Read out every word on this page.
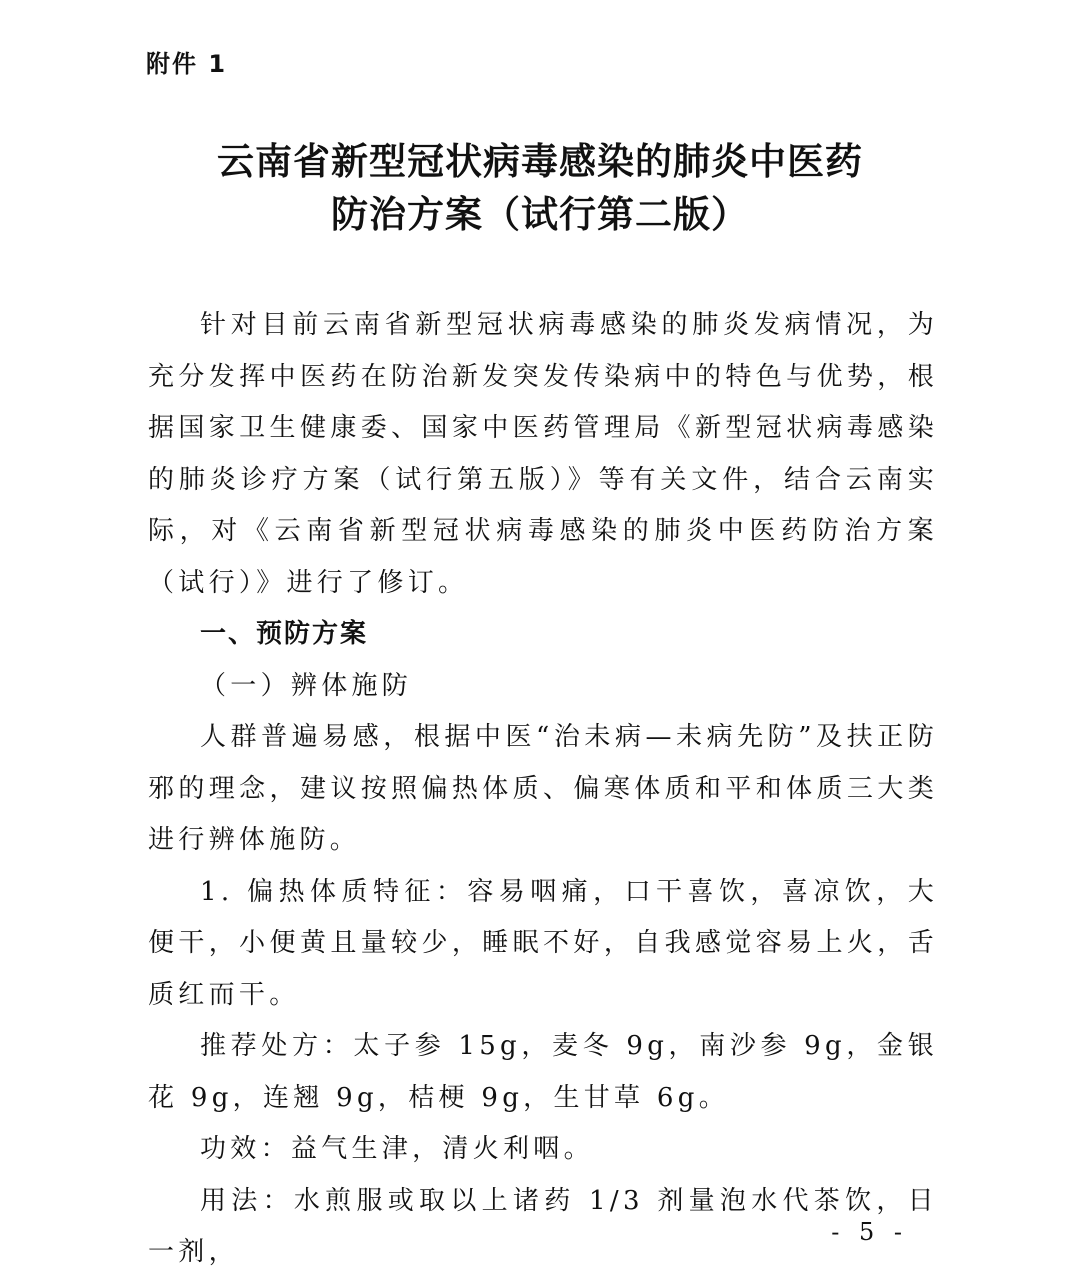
附件 1
云南省新型冠状病毒感染的肺炎中医药
防治方案（试行第二版）

针对目前云南省新型冠状病毒感染的肺炎发病情况，为充分发挥中医药在防治新发突发传染病中的特色与优势，根据国家卫生健康委、国家中医药管理局《新型冠状病毒感染的肺炎诊疗方案（试行第五版）》等有关文件，结合云南实际，对《云南省新型冠状病毒感染的肺炎中医药防治方案（试行）》进行了修订。

一、预防方案

（一）辨体施防

人群普遍易感，根据中医“治未病—未病先防”及扶正防邪的理念，建议按照偏热体质、偏寒体质和平和体质三大类进行辨体施防。

1. 偏热体质特征：容易咽痛，口干喜饮，喜凉饮，大便干，小便黄且量较少，睡眠不好，自我感觉容易上火，舌质红而干。

推荐处方：太子参 15g，麦冬 9g，南沙参 9g，金银花 9g，连翘 9g，桔梗 9g，生甘草 6g。

功效：益气生津，清火利咽。

用法：水煎服或取以上诸药 1/3 剂量泡水代茶饮，日一剂，

- 5 -
